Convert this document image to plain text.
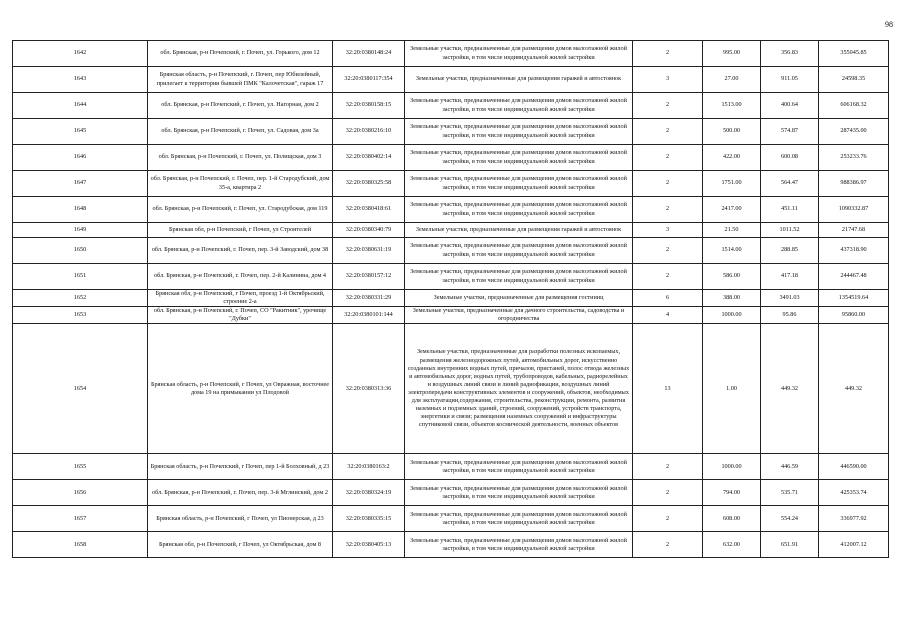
98
1642	обл. Брянская, р-н Почепский, г. Почеп, ул. Горького, дом 12	32:20:0380148:24	Земельные участки, предназначенные для размещения домов малоэтажной жилой застройки, в том числе индивидуальной жилой застройки	2	995.00	356.83	355045.85
1643	Брянская область, р-н Почепский, г. Почеп, пер Юбилейный, прилегает к территории бывшей ПМК "Калочетская", гараж 17	32:20:0380117:354	Земельные участки, предназначенные для размещения гаражей и автостоянок	3	27.00	911.05	24598.35
1644	обл. Брянская, р-н Почепский, г. Почеп, ул. Нагорная, дом 2	32:20:0380158:15	Земельные участки, предназначенные для размещения домов малоэтажной жилой застройки, в том числе индивидуальной жилой застройки	2	1513.00	400.64	606168.32
1645	обл. Брянская, р-н Почепский, г. Почеп, ул. Садовая, дом 3а	32:20:0380216:10	Земельные участки, предназначенные для размещения домов малоэтажной жилой застройки, в том числе индивидуальной жилой застройки	2	500.00	574.87	287435.00
1646	обл. Брянская, р-н Почепский, г. Почеп, ул. Полищская, дом 3	32:20:0380402:14	Земельные участки, предназначенные для размещения домов малоэтажной жилой застройки, в том числе индивидуальной жилой застройки	2	422.00	600.08	253233.76
1647	обл. Брянская, р-н Почепский, г. Почеп, пер. 1-й Стародубский, дом 35-а, квартира 2	32:20:0380325:58	Земельные участки, предназначенные для размещения домов малоэтажной жилой застройки, в том числе индивидуальной жилой застройки	2	1751.00	564.47	988386.97
1648	обл. Брянская, р-н Почепский, г. Почеп, ул. Стародубская, дом 119	32:20:0380418:61	Земельные участки, предназначенные для размещения домов малоэтажной жилой застройки, в том числе индивидуальной жилой застройки	2	2417.00	451.11	1090332.87
1649	Брянская обл, р-н Почепский, г Почеп, ул Строителей	32:20:0380340:79	Земельные участки, предназначенные для размещения гаражей и автостоянок	3	21.50	1011.52	21747.68
1650	обл. Брянская, р-н Почепский, г. Почеп, пер. 3-й Заводский, дом 38	32:20:0380631:19	Земельные участки, предназначенные для размещения домов малоэтажной жилой застройки, в том числе индивидуальной жилой застройки	2	1514.00	288.85	437318.90
1651	обл. Брянская, р-н Почепский, г. Почеп, пер. 2-й Калинина, дом 4	32:20:0380157:12	Земельные участки, предназначенные для размещения домов малоэтажной жилой застройки, в том числе индивидуальной жилой застройки	2	586.00	417.18	244467.48
1652	Брянская обл, р-н Почепский, г Почеп, проезд 1-й Октябрьский, строение 2-а	32:20:0380331:29	Земельные участки, предназначенные для размещения гостиниц	6	388.00	3491.03	1354519.64
1653	обл. Брянская, р-н Почепский, г. Почеп, СО "Ракитник", урочище "Дубки"	32:20:0380101:144	Земельные участки, предназначенные для дачного строительства, садоводства и огородничества	4	1000.00	95.86	95860.00
1654	Брянская область, р-н Почепский, г Почеп, ул Овражная, восточнее дома 19 на примыкании ул Плодовой	32:20:0380313:36	Земельные участки, предназначенные для разработки полезных ископаемых, размещения железнодорожных путей, автомобильных дорог, искусственно созданных внутренних водных путей, причалов, пристаней, полос отвода железных и автомобильных дорог, водных путей, трубопроводов, кабельных, радиорелейных и воздушных линий связи и линий радиофикации, воздушных линий электропередачи конструктивных элементов и сооружений, объектов, необходимых для эксплуатации,содержания, строительства, реконструкции, ремонта, развития наземных и подземных зданий, строений, сооружений, устройств транспорта, энергетики и связи; размещения наземных сооружений и инфраструктуры спутниковой связи, объектов космической деятельности, военных объектов	13	1.00	449.32	449.32
1655	Брянская область, р-н Почепский, г Почеп, пер 1-й Болховный, д 23	32:20:0380163:2	Земельные участки, предназначенные для размещения домов малоэтажной жилой застройки, в том числе индивидуальной жилой застройки	2	1000.00	446.59	446590.00
1656	обл. Брянская, р-н Почепский, г. Почеп, пер. 3-й Мглинский, дом 2	32:20:0380324:19	Земельные участки, предназначенные для размещения домов малоэтажной жилой застройки, в том числе индивидуальной жилой застройки	2	794.00	535.71	425353.74
1657	Брянская область, р-н Почепский, г Почеп, ул Пионерская, д 23	32:20:0380335:15	Земельные участки, предназначенные для размещения домов малоэтажной жилой застройки, в том числе индивидуальной жилой застройки	2	608.00	554.24	336977.92
1658	Брянская обл, р-н Почепский, г Почеп, ул Октябрьская, дом 8	32:20:0380405:13	Земельные участки, предназначенные для размещения домов малоэтажной жилой застройки, в том числе индивидуальной жилой застройки	2	632.00	651.91	412007.12
